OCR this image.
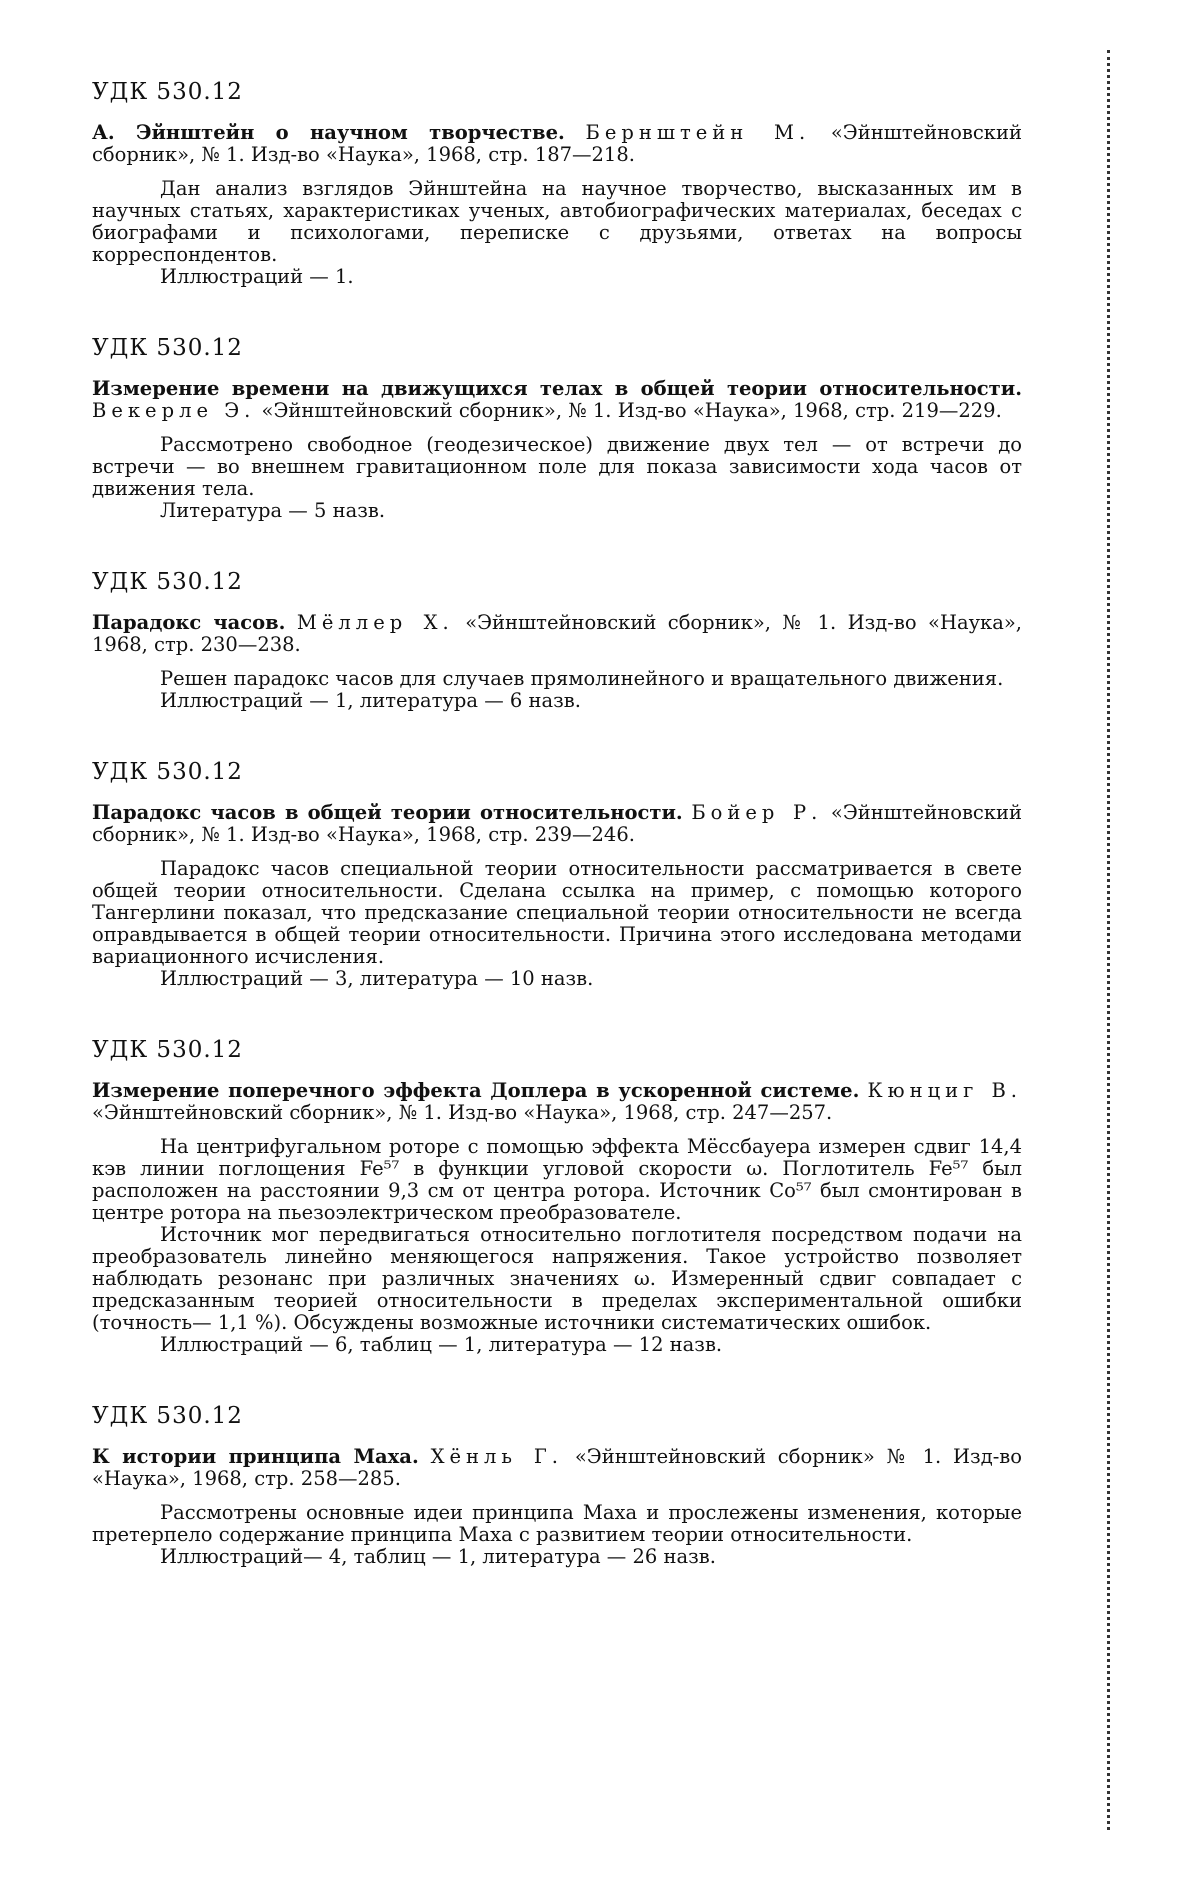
УДК 530.12

А. Эйнштейн о научном творчестве. Бернштейн М. «Эйнштейновский сборник», № 1. Изд-во «Наука», 1968, стр. 187—218.

Дан анализ взглядов Эйнштейна на научное творчество, высказанных им в научных статьях, характеристиках ученых, автобиографических материалах, беседах с биографами и психологами, переписке с друзьями, ответах на вопросы корреспондентов.

Иллюстраций — 1.

УДК 530.12

Измерение времени на движущихся телах в общей теории относительности. Векерле Э. «Эйнштейновский сборник», № 1. Изд-во «Наука», 1968, стр. 219—229.

Рассмотрено свободное (геодезическое) движение двух тел — от встречи до встречи — во внешнем гравитационном поле для показа зависимости хода часов от движения тела.

Литература — 5 назв.

УДК 530.12

Парадокс часов. Мёллер Х. «Эйнштейновский сборник», № 1. Изд-во «Наука», 1968, стр. 230—238.

Решен парадокс часов для случаев прямолинейного и вращательного движения.

Иллюстраций — 1, литература — 6 назв.

УДК 530.12

Парадокс часов в общей теории относительности. Бойер Р. «Эйнштейновский сборник», № 1. Изд-во «Наука», 1968, стр. 239—246.

Парадокс часов специальной теории относительности рассматривается в свете общей теории относительности. Сделана ссылка на пример, с помощью которого Тангерлини показал, что предсказание специальной теории относительности не всегда оправдывается в общей теории относительности. Причина этого исследована методами вариационного исчисления.

Иллюстраций — 3, литература — 10 назв.

УДК 530.12

Измерение поперечного эффекта Доплера в ускоренной системе. Кюнциг В. «Эйнштейновский сборник», № 1. Изд-во «Наука», 1968, стр. 247—257.

На центрифугальном роторе с помощью эффекта Мёссбауера измерен сдвиг 14,4 кэв линии поглощения Fe⁵⁷ в функции угловой скорости ω. Поглотитель Fe⁵⁷ был расположен на расстоянии 9,3 см от центра ротора. Источник Co⁵⁷ был смонтирован в центре ротора на пьезоэлектрическом преобразователе.

Источник мог передвигаться относительно поглотителя посредством подачи на преобразователь линейно меняющегося напряжения. Такое устройство позволяет наблюдать резонанс при различных значениях ω. Измеренный сдвиг совпадает с предсказанным теорией относительности в пределах экспериментальной ошибки (точность— 1,1 %). Обсуждены возможные источники систематических ошибок.

Иллюстраций — 6, таблиц — 1, литература — 12 назв.

УДК 530.12

К истории принципа Маха. Хёнль Г. «Эйнштейновский сборник» № 1. Изд-во «Наука», 1968, стр. 258—285.

Рассмотрены основные идеи принципа Маха и прослежены изменения, которые претерпело содержание принципа Маха с развитием теории относительности.

Иллюстраций— 4, таблиц — 1, литература — 26 назв.
